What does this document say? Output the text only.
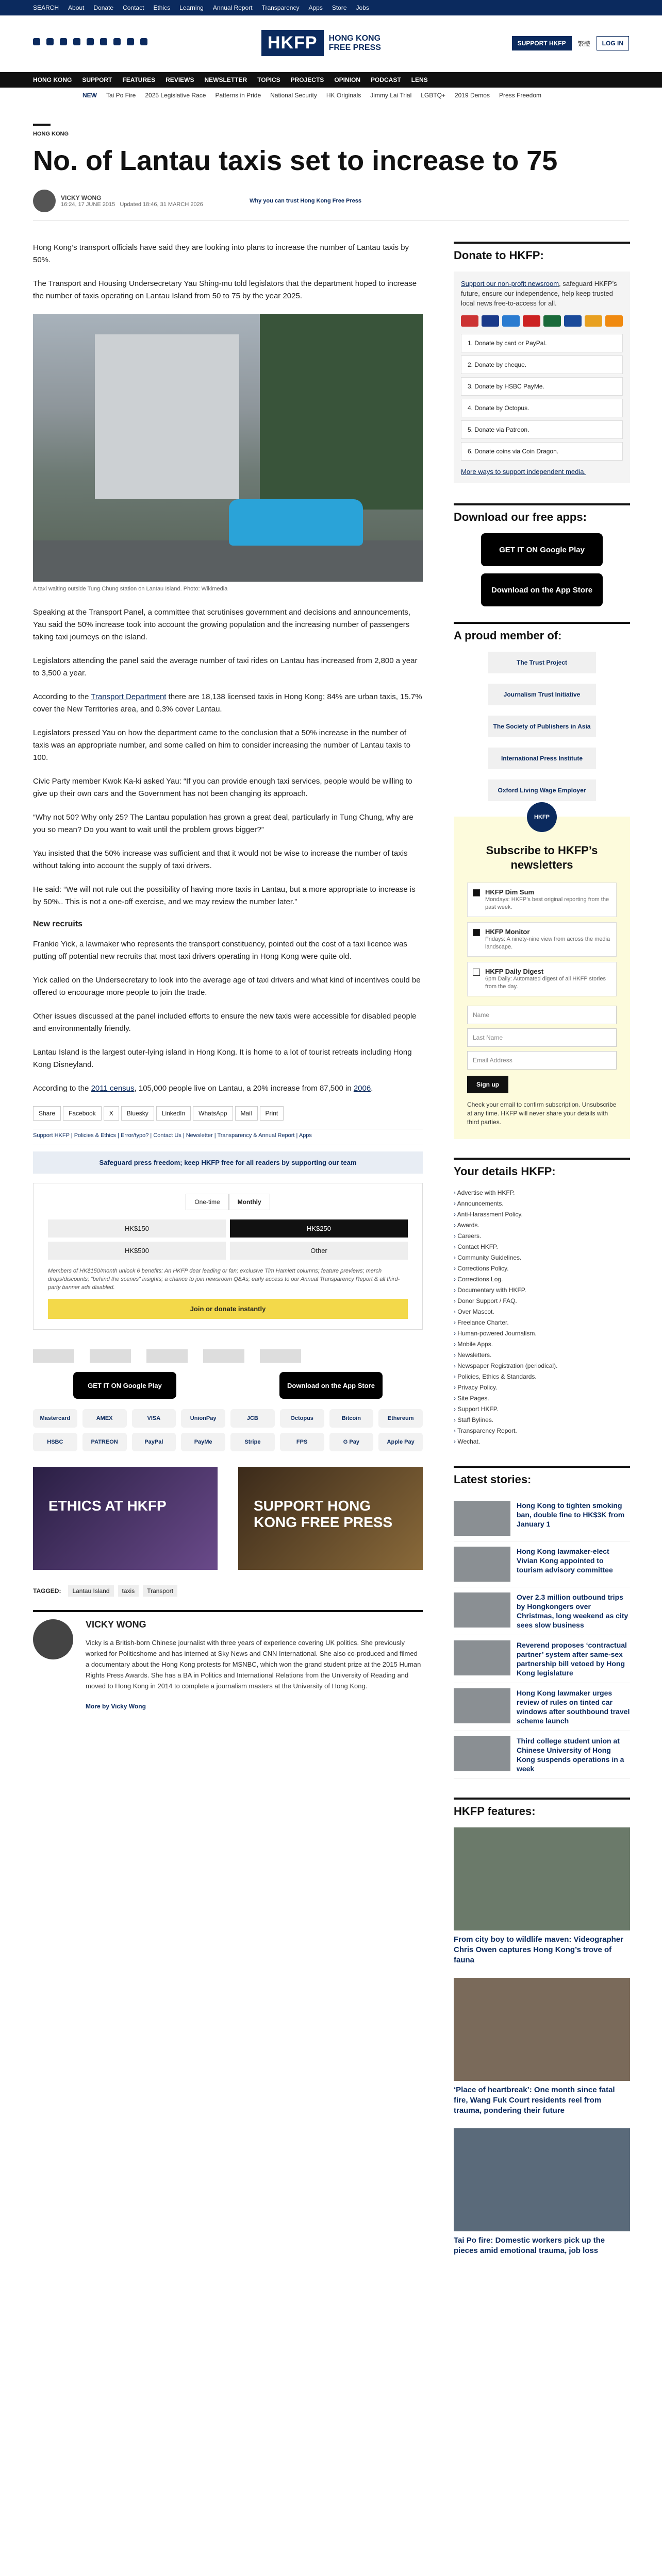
SEARCH About Donate Contact Ethics Learning Annual Report Transparency Apps Store Jobs
HKFP	HONG KONG
FREE PRESS	SUPPORT HKFP	繁體	LOG IN
HONG KONG SUPPORT FEATURES REVIEWS NEWSLETTER TOPICS PROJECTS OPINION PODCAST LENS
NEW Tai Po Fire 2025 Legislative Race Patterns in Pride National Security HK Originals Jimmy Lai Trial LGBTQ+ 2019 Demos Press Freedom
HONG KONG
No. of Lantau taxis set to increase to 75
VICKY WONG
16:24, 17 JUNE 2015 Updated 18:46, 31 MARCH 2026
Why you can trust Hong Kong Free Press

Hong Kong’s transport officials have said they are looking into plans to increase the number of Lantau taxis by 50%.

The Transport and Housing Undersecretary Yau Shing-mu told legislators that the department hoped to increase the number of taxis operating on Lantau Island from 50 to 75 by the year 2025.

A taxi waiting outside Tung Chung station on Lantau Island. Photo: Wikimedia

Speaking at the Transport Panel, a committee that scrutinises government and decisions and announcements, Yau said the 50% increase took into account the growing population and the increasing number of passengers taking taxi journeys on the island.

Legislators attending the panel said the average number of taxi rides on Lantau has increased from 2,800 a year to 3,500 a year.

According to the Transport Department there are 18,138 licensed taxis in Hong Kong; 84% are urban taxis, 15.7% cover the New Territories area, and 0.3% cover Lantau.

Legislators pressed Yau on how the department came to the conclusion that a 50% increase in the number of taxis was an appropriate number, and some called on him to consider increasing the number of Lantau taxis to 100.

Civic Party member Kwok Ka-ki asked Yau: “If you can provide enough taxi services, people would be willing to give up their own cars and the Government has not been changing its approach.

“Why not 50? Why only 25? The Lantau population has grown a great deal, particularly in Tung Chung, why are you so mean? Do you want to wait until the problem grows bigger?”

Yau insisted that the 50% increase was sufficient and that it would not be wise to increase the number of taxis without taking into account the supply of taxi drivers.

He said: “We will not rule out the possibility of having more taxis in Lantau, but a more appropriate to increase is by 50%.. This is not a one-off exercise, and we may review the number later.”

New recruits

Frankie Yick, a lawmaker who represents the transport constituency, pointed out the cost of a taxi licence was putting off potential new recruits that most taxi drivers operating in Hong Kong were quite old.

Yick called on the Undersecretary to look into the average age of taxi drivers and what kind of incentives could be offered to encourage more people to join the trade.

Other issues discussed at the panel included efforts to ensure the new taxis were accessible for disabled people and environmentally friendly.

Lantau Island is the largest outer-lying island in Hong Kong. It is home to a lot of tourist retreats including Hong Kong Disneyland.

According to the 2011 census, 105,000 people live on Lantau, a 20% increase from 87,500 in 2006.

Share	Facebook	X	Bluesky	LinkedIn	WhatsApp	Mail	Print
Support HKFP | Policies & Ethics | Error/typo? | Contact Us | Newsletter | Transparency & Annual Report | Apps
Safeguard press freedom; keep HKFP free for all readers by supporting our team
One-time	Monthly
HK$150	HK$250
HK$500	Other
Members of HK$150/month unlock 6 benefits: An HKFP dear leading or fan; exclusive Tim Hamlett columns; feature previews; merch drops/discounts; “behind the scenes” insights; a chance to join newsroom Q&As; early access to our Annual Transparency Report & all third-party banner ads disabled.
Join or donate instantly
GET IT ON Google Play	Download on the App Store
Mastercard	AMEX	VISA	UnionPay	JCB	Octopus	Bitcoin	Ethereum
HSBC	PATREON	PayPal	PayMe	Stripe	FPS	G Pay	Apple Pay
ETHICS AT HKFP	SUPPORT HONG KONG FREE PRESS
TAGGED:	Lantau Island	taxis	Transport
VICKY WONG

Vicky is a British-born Chinese journalist with three years of experience covering UK politics. She previously worked for Politicshome and has interned at Sky News and CNN International. She also co-produced and filmed a documentary about the Hong Kong protests for MSNBC, which won the grand student prize at the 2015 Human Rights Press Awards. She has a BA in Politics and International Relations from the University of Reading and moved to Hong Kong in 2014 to complete a journalism masters at the University of Hong Kong.

More by Vicky Wong
Donate to HKFP:

Support our non-profit newsroom, safeguard HKFP’s future, ensure our independence, help keep trusted local news free-to-access for all.

1. Donate by card or PayPal.
2. Donate by cheque.
3. Donate by HSBC PayMe.
4. Donate by Octopus.
5. Donate via Patreon.
6. Donate coins via Coin Dragon.
More ways to support independent media.
Download our free apps:
GET IT ON Google Play
Download on the App Store
A proud member of:
The Trust Project
Journalism Trust Initiative
The Society of Publishers in Asia
International Press Institute
Oxford Living Wage Employer
HKFP
Subscribe to HKFP’s newsletters
HKFP Dim Sum
Mondays: HKFP’s best original reporting from the past week.
HKFP Monitor
Fridays: A ninety-nine view from across the media landscape.
HKFP Daily Digest
6pm Daily: Automated digest of all HKFP stories from the day.
Name
Last Name
Email Address
Sign up
Check your email to confirm subscription. Unsubscribe at any time. HKFP will never share your details with third parties.
Your details HKFP:
› Advertise with HKFP.
› Announcements.
› Anti-Harassment Policy.
› Awards.
› Careers.
› Contact HKFP.
› Community Guidelines.
› Corrections Policy.
› Corrections Log.
› Documentary with HKFP.
› Donor Support / FAQ.
› Over Mascot.
› Freelance Charter.
› Human-powered Journalism.
› Mobile Apps.
› Newsletters.
› Newspaper Registration (periodical).
› Policies, Ethics & Standards.
› Privacy Policy.
› Site Pages.
› Support HKFP.
› Staff Bylines.
› Transparency Report.
› Wechat.
Latest stories:
Hong Kong to tighten smoking ban, double fine to HK$3K from January 1
Hong Kong lawmaker-elect Vivian Kong appointed to tourism advisory committee
Over 2.3 million outbound trips by Hongkongers over Christmas, long weekend as city sees slow business
Reverend proposes ‘contractual partner’ system after same-sex partnership bill vetoed by Hong Kong legislature
Hong Kong lawmaker urges review of rules on tinted car windows after southbound travel scheme launch
Third college student union at Chinese University of Hong Kong suspends operations in a week
HKFP features:
From city boy to wildlife maven: Videographer Chris Owen captures Hong Kong’s trove of fauna
‘Place of heartbreak’: One month since fatal fire, Wang Fuk Court residents reel from trauma, pondering their future
Tai Po fire: Domestic workers pick up the pieces amid emotional trauma, job loss
